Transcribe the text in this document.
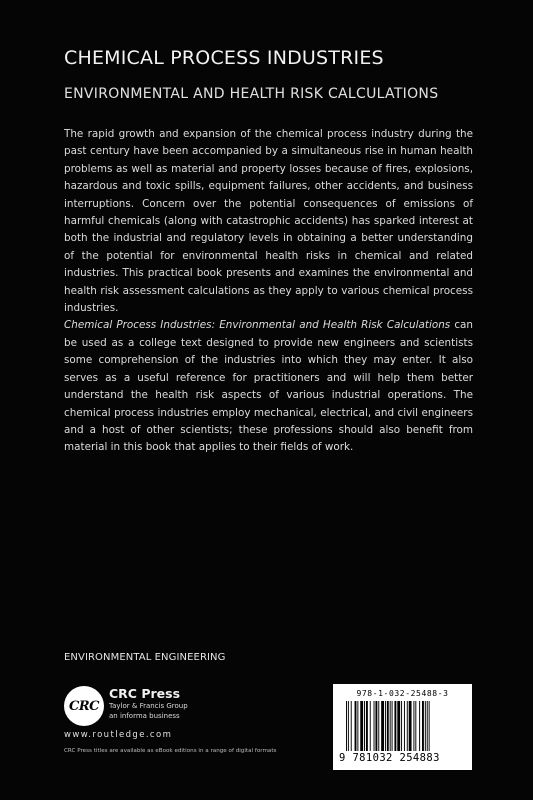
CHEMICAL PROCESS INDUSTRIES
ENVIRONMENTAL AND HEALTH RISK CALCULATIONS

The rapid growth and expansion of the chemical process industry during the past century have been accompanied by a simultaneous rise in human health problems as well as material and property losses because of fires, explosions, hazardous and toxic spills, equipment failures, other accidents, and business interruptions. Concern over the potential consequences of emissions of harmful chemicals (along with catastrophic accidents) has sparked interest at both the industrial and regulatory levels in obtaining a better understanding of the potential for environmental health risks in chemical and related industries. This practical book presents and examines the environmental and health risk assessment calculations as they apply to various chemical process industries.

Chemical Process Industries: Environmental and Health Risk Calculations can be used as a college text designed to provide new engineers and scientists some comprehension of the industries into which they may enter. It also serves as a useful reference for practitioners and will help them better understand the health risk aspects of various industrial operations. The chemical process industries employ mechanical, electrical, and civil engineers and a host of other scientists; these professions should also benefit from material in this book that applies to their fields of work.

ENVIRONMENTAL ENGINEERING
CRC
CRC Press
Taylor & Francis Group
an informa business
www.routledge.com
CRC Press titles are available as eBook editions in a range of digital formats
978-1-032-25488-3
9 781032 254883
